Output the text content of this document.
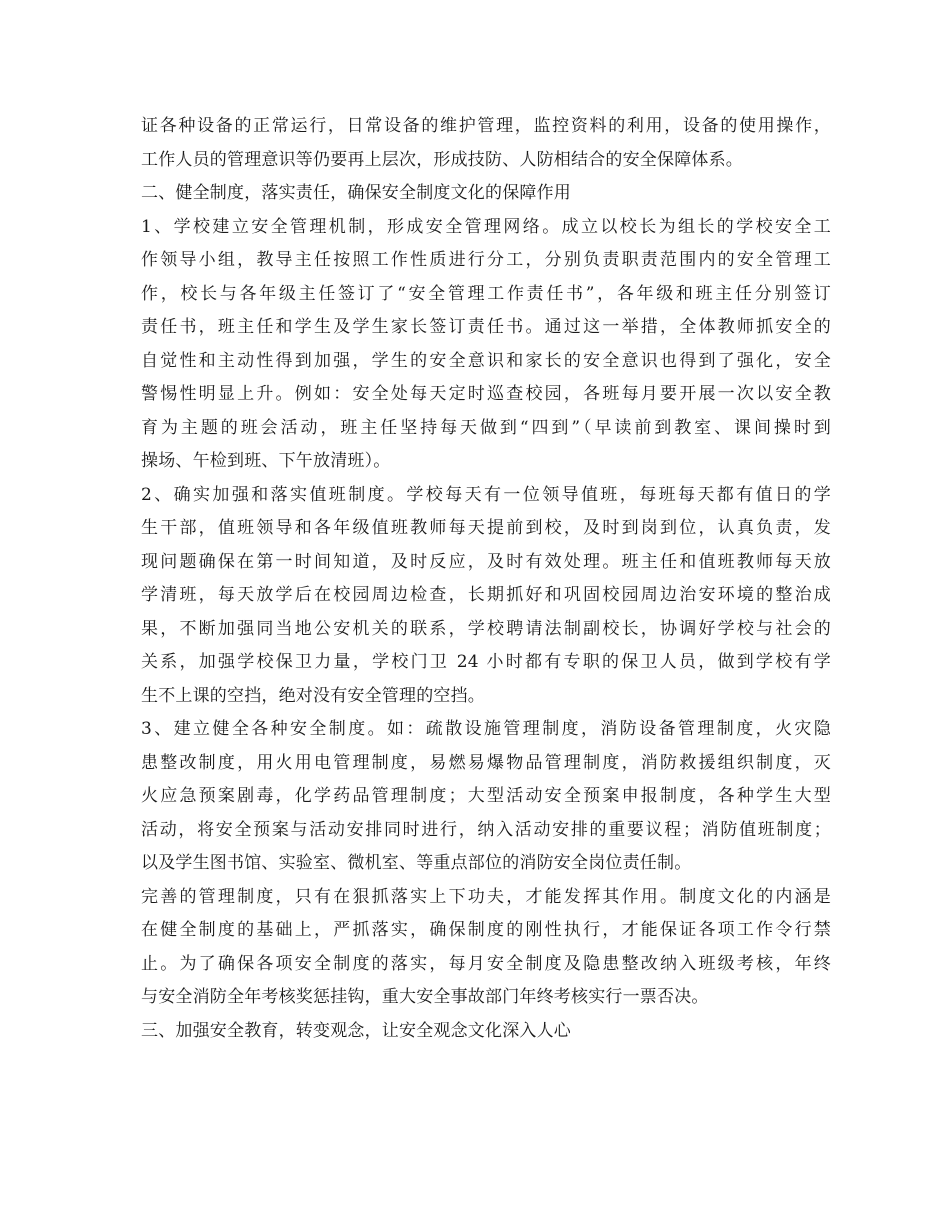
证各种设备的正常运行，日常设备的维护管理，监控资料的利用，设备的使用操作，
工作人员的管理意识等仍要再上层次，形成技防、人防相结合的安全保障体系。
二、健全制度，落实责任，确保安全制度文化的保障作用
1、学校建立安全管理机制，形成安全管理网络。成立以校长为组长的学校安全工
作领导小组，教导主任按照工作性质进行分工，分别负责职责范围内的安全管理工
作，校长与各年级主任签订了“安全管理工作责任书”，各年级和班主任分别签订
责任书，班主任和学生及学生家长签订责任书。通过这一举措，全体教师抓安全的
自觉性和主动性得到加强，学生的安全意识和家长的安全意识也得到了强化，安全
警惕性明显上升。例如：安全处每天定时巡查校园，各班每月要开展一次以安全教
育为主题的班会活动，班主任坚持每天做到“四到”（早读前到教室、课间操时到
操场、午检到班、下午放清班）。
2、确实加强和落实值班制度。学校每天有一位领导值班，每班每天都有值日的学
生干部，值班领导和各年级值班教师每天提前到校，及时到岗到位，认真负责，发
现问题确保在第一时间知道，及时反应，及时有效处理。班主任和值班教师每天放
学清班，每天放学后在校园周边检查，长期抓好和巩固校园周边治安环境的整治成
果，不断加强同当地公安机关的联系，学校聘请法制副校长，协调好学校与社会的
关系，加强学校保卫力量，学校门卫 24 小时都有专职的保卫人员，做到学校有学
生不上课的空挡，绝对没有安全管理的空挡。
3、建立健全各种安全制度。如：疏散设施管理制度，消防设备管理制度，火灾隐
患整改制度，用火用电管理制度，易燃易爆物品管理制度，消防救援组织制度，灭
火应急预案剧毒，化学药品管理制度；大型活动安全预案申报制度，各种学生大型
活动，将安全预案与活动安排同时进行，纳入活动安排的重要议程；消防值班制度；
以及学生图书馆、实验室、微机室、等重点部位的消防安全岗位责任制。
完善的管理制度，只有在狠抓落实上下功夫，才能发挥其作用。制度文化的内涵是
在健全制度的基础上，严抓落实，确保制度的刚性执行，才能保证各项工作令行禁
止。为了确保各项安全制度的落实，每月安全制度及隐患整改纳入班级考核，年终
与安全消防全年考核奖惩挂钩，重大安全事故部门年终考核实行一票否决。
三、加强安全教育，转变观念，让安全观念文化深入人心
